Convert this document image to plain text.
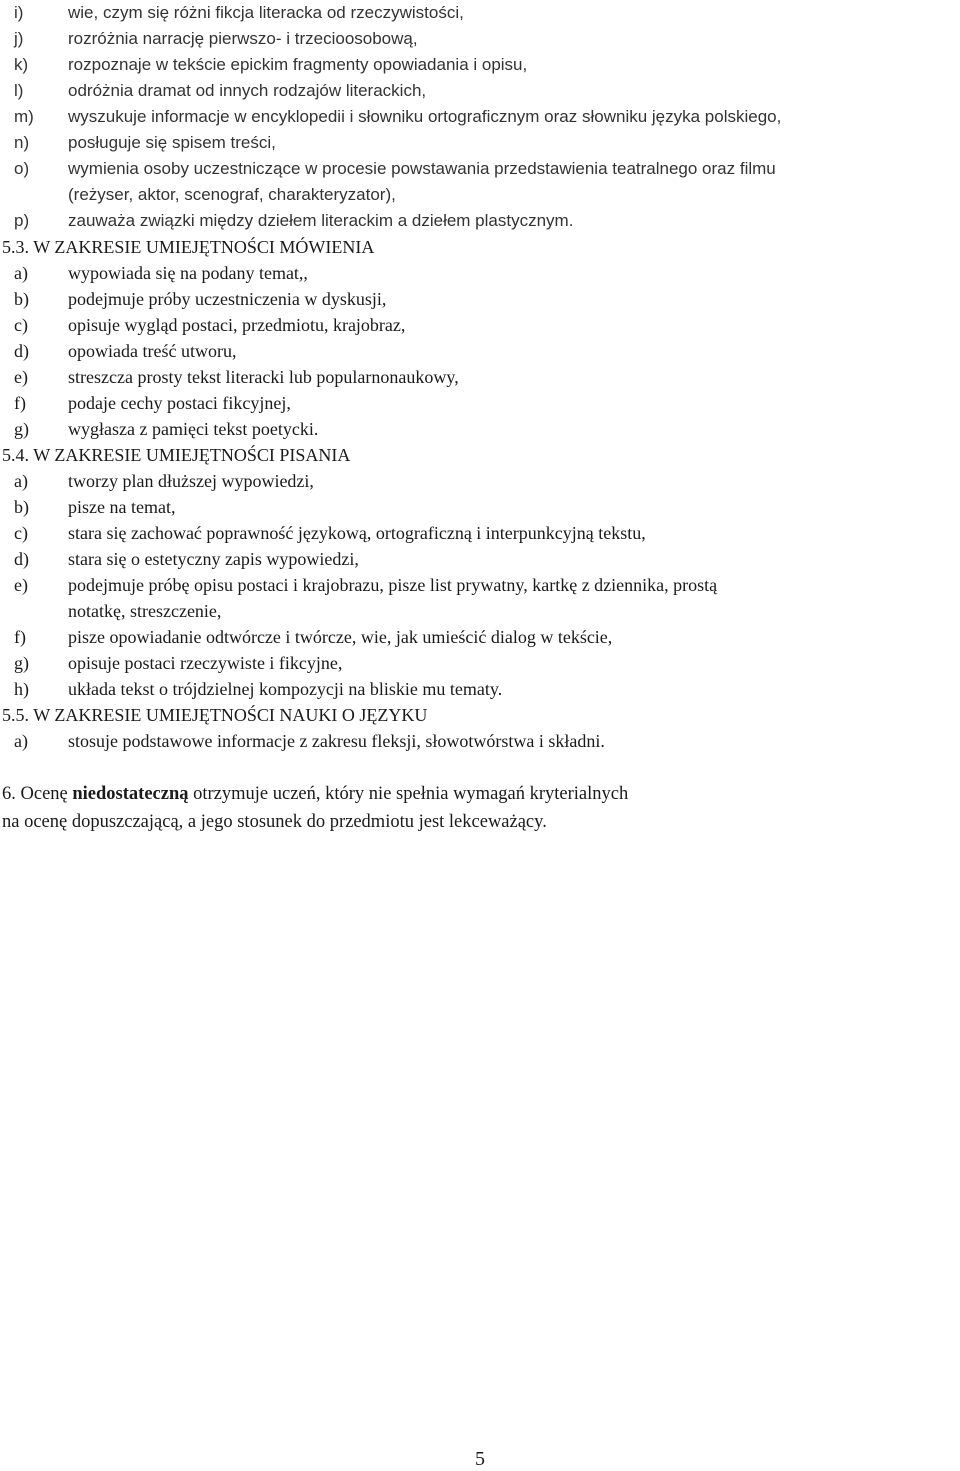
i)	wie, czym się różni fikcja literacka od rzeczywistości,
j)	rozróżnia narrację pierwszo- i trzecioosobową,
k)	rozpoznaje w tekście epickim fragmenty opowiadania i opisu,
l)	odróżnia dramat od innych rodzajów literackich,
m)	wyszukuje informacje w encyklopedii i słowniku ortograficznym oraz słowniku języka polskiego,
n)	posługuje się spisem treści,
o)	wymienia osoby uczestniczące w procesie powstawania przedstawienia teatralnego oraz filmu
(reżyser, aktor, scenograf, charakteryzator),
p)	zauważa związki między dziełem literackim a dziełem plastycznym.
5.3. W ZAKRESIE UMIEJĘTNOŚCI MÓWIENIA
a)	wypowiada się na podany temat,,
b)	podejmuje próby uczestniczenia w dyskusji,
c)	opisuje wygląd postaci, przedmiotu, krajobraz,
d)	opowiada treść utworu,
e)	streszcza prosty tekst literacki lub popularnonaukowy,
f)	podaje cechy postaci fikcyjnej,
g)	wygłasza z pamięci tekst poetycki.
5.4. W ZAKRESIE UMIEJĘTNOŚCI PISANIA
a)	tworzy plan dłuższej wypowiedzi,
b)	pisze na temat,
c)	stara się zachować poprawność językową, ortograficzną i interpunkcyjną tekstu,
d)	stara się o estetyczny zapis wypowiedzi,
e)	podejmuje próbę opisu postaci i krajobrazu, pisze list prywatny, kartkę z dziennika, prostą
notatkę, streszczenie,
f)	pisze opowiadanie odtwórcze i twórcze, wie, jak umieścić dialog w tekście,
g)	opisuje postaci rzeczywiste i fikcyjne,
h)	układa tekst o trójdzielnej kompozycji na bliskie mu tematy.
5.5. W ZAKRESIE UMIEJĘTNOŚCI NAUKI O JĘZYKU
a)	stosuje podstawowe informacje z zakresu fleksji, słowotwórstwa i składni.
6. Ocenę niedostateczną otrzymuje uczeń, który nie spełnia wymagań kryterialnych
na ocenę dopuszczającą, a jego stosunek do przedmiotu jest lekceważący.
5
